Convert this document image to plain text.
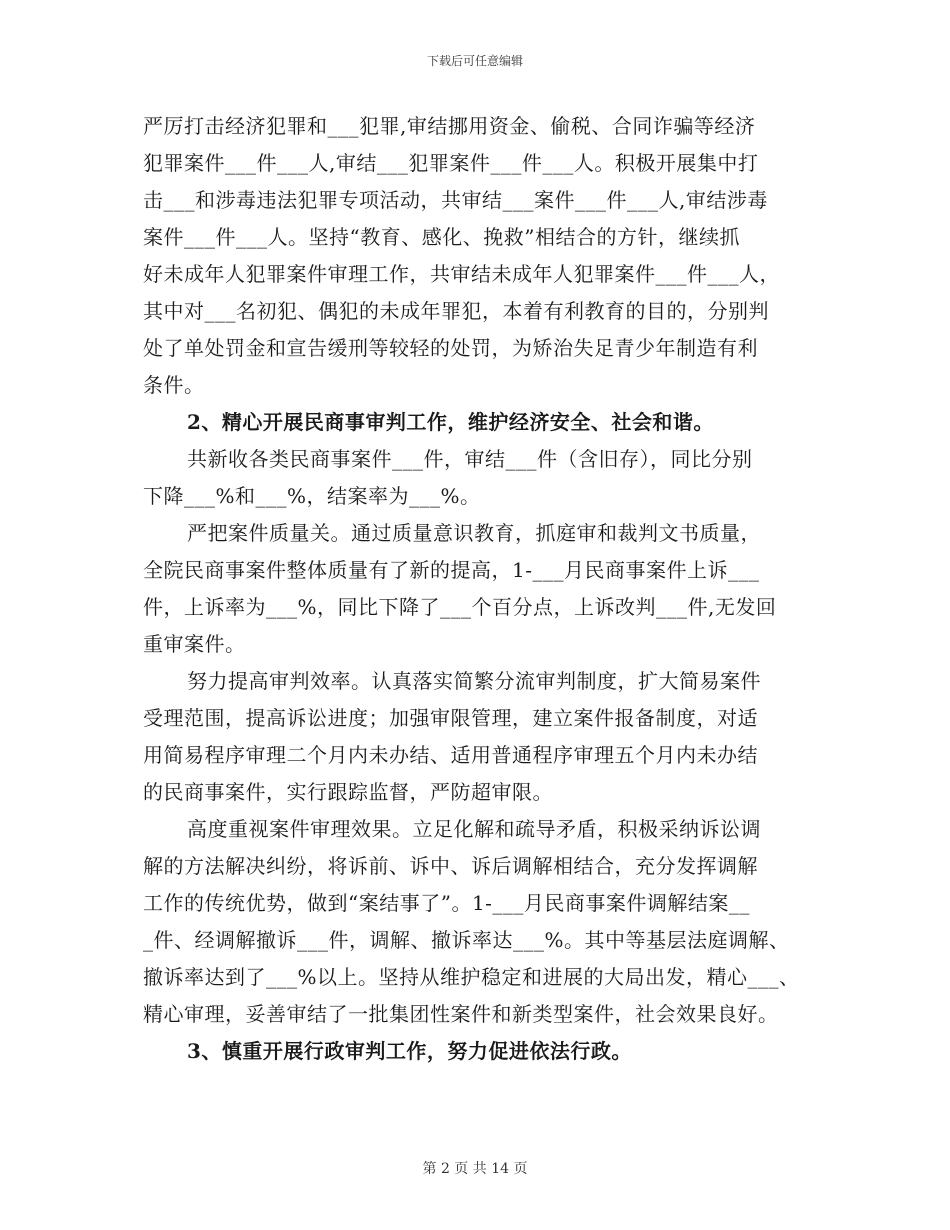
下载后可任意编辑
严厉打击经济犯罪和___犯罪,审结挪用资金、偷税、合同诈骗等经济
犯罪案件___件___人,审结___犯罪案件___件___人。积极开展集中打
击___和涉毒违法犯罪专项活动，共审结___案件___件___人,审结涉毒
案件___件___人。坚持“教育、感化、挽救”相结合的方针，继续抓
好未成年人犯罪案件审理工作，共审结未成年人犯罪案件___件___人，
其中对___名初犯、偶犯的未成年罪犯，本着有利教育的目的，分别判
处了单处罚金和宣告缓刑等较轻的处罚，为矫治失足青少年制造有利
条件。
2、精心开展民商事审判工作，维护经济安全、社会和谐。
共新收各类民商事案件___件，审结___件（含旧存），同比分别
下降___%和___%，结案率为___%。
严把案件质量关。通过质量意识教育，抓庭审和裁判文书质量，
全院民商事案件整体质量有了新的提高，1-___月民商事案件上诉___
件，上诉率为___%，同比下降了___个百分点，上诉改判___件,无发回
重审案件。
努力提高审判效率。认真落实简繁分流审判制度，扩大简易案件
受理范围，提高诉讼进度；加强审限管理，建立案件报备制度，对适
用简易程序审理二个月内未办结、适用普通程序审理五个月内未办结
的民商事案件，实行跟踪监督，严防超审限。
高度重视案件审理效果。立足化解和疏导矛盾，积极采纳诉讼调
解的方法解决纠纷，将诉前、诉中、诉后调解相结合，充分发挥调解
工作的传统优势，做到“案结事了”。1-___月民商事案件调解结案__
_件、经调解撤诉___件，调解、撤诉率达___%。其中等基层法庭调解、
撤诉率达到了___%以上。坚持从维护稳定和进展的大局出发，精心___、
精心审理，妥善审结了一批集团性案件和新类型案件，社会效果良好。
3、慎重开展行政审判工作，努力促进依法行政。
第 2 页 共 14 页
